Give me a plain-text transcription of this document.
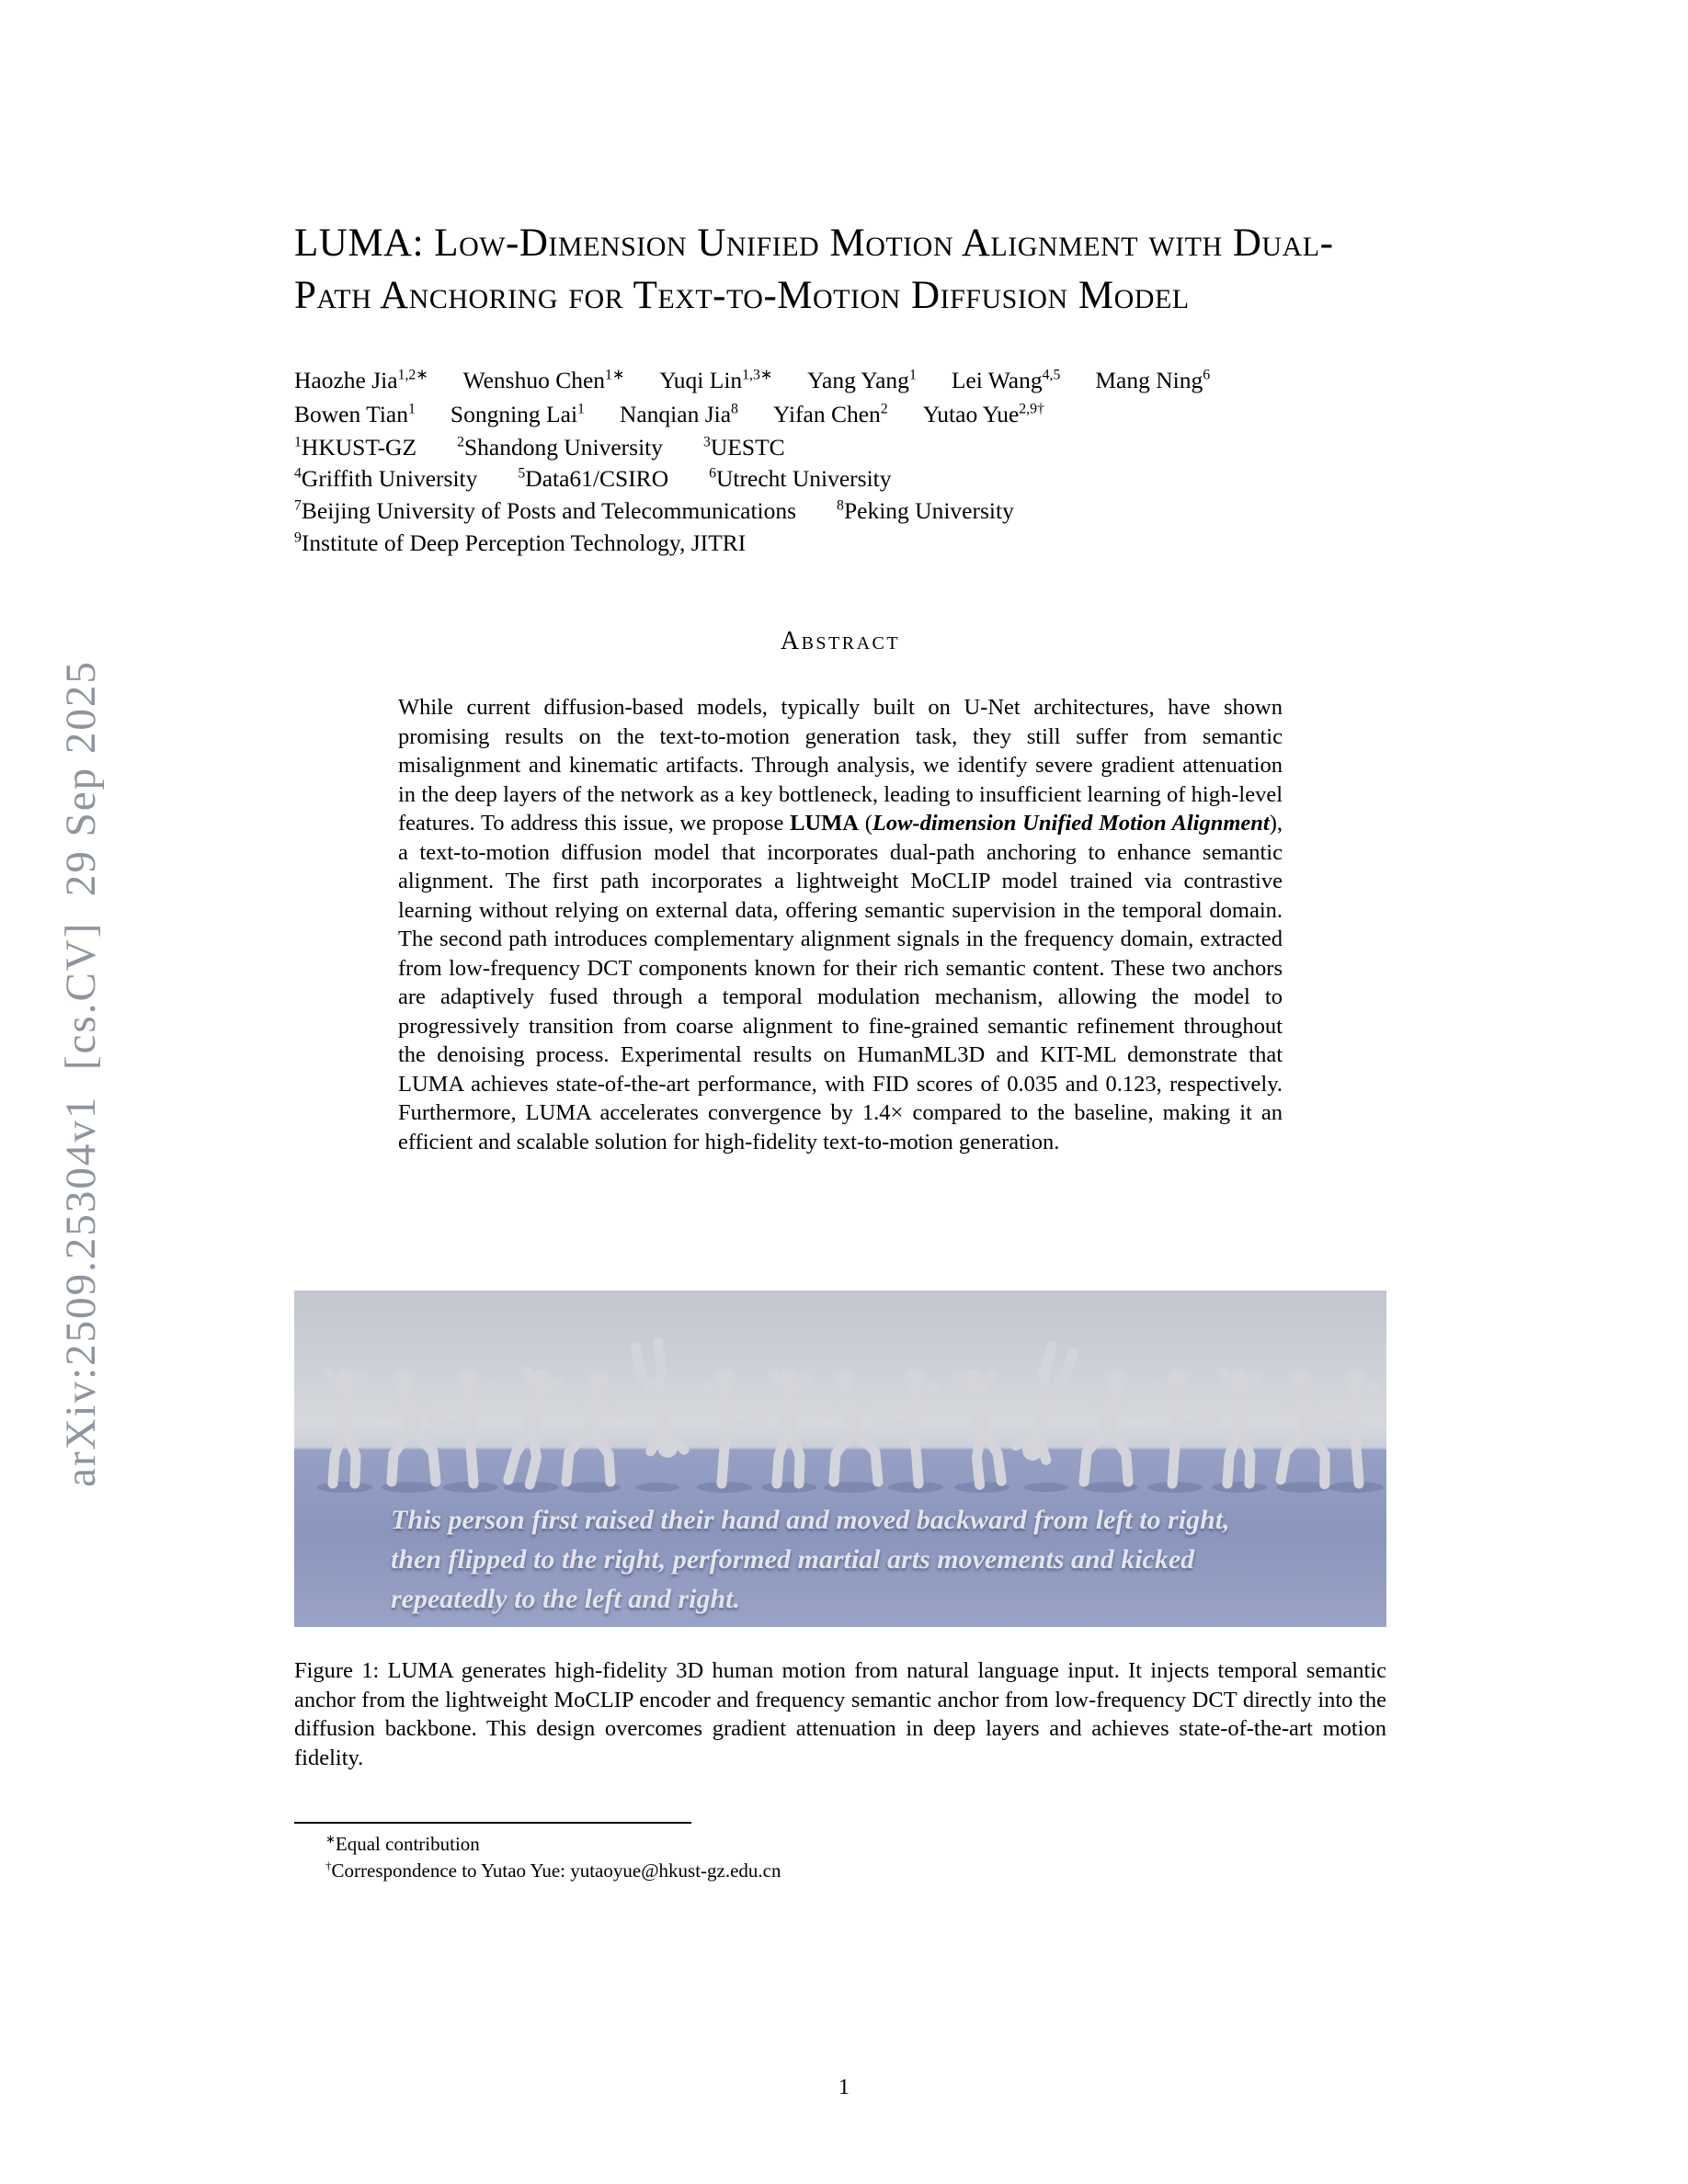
arXiv:2509.25304v1  [cs.CV]  29 Sep 2025
LUMA: Low-Dimension Unified Motion Alignment with Dual-Path Anchoring for Text-to-Motion Diffusion Model
Haozhe Jia$^{1,2∗}$ Wenshuo Chen$^{1∗}$ Yuqi Lin$^{1,3∗}$ Yang Yang$^1$ Lei Wang$^{4,5}$ Mang Ning$^6$Bowen Tian$^1$ Songning Lai$^1$ Nanqian Jia$^8$ Yifan Chen$^2$ Yutao Yue$^{2,9\dagger}$
$^1$HKUST-GZ	$^2$Shandong University	$^3$UESTC
$^4$Griffith University	$^5$Data61/CSIRO	$^6$Utrecht University
$^7$Beijing University of Posts and Telecommunications	$^8$Peking University
$^9$Institute of Deep Perception Technology, JITRI
Abstract

While current diffusion-based models, typically built on U-Net architectures, have shown promising results on the text-to-motion generation task, they still suffer from semantic misalignment and kinematic artifacts. Through analysis, we identify severe gradient attenuation in the deep layers of the network as a key bottleneck, leading to insufficient learning of high-level features. To address this issue, we propose LUMA (Low-dimension Unified Motion Alignment), a text-to-motion diffusion model that incorporates dual-path anchoring to enhance semantic alignment. The first path incorporates a lightweight MoCLIP model trained via contrastive learning without relying on external data, offering semantic supervision in the temporal domain. The second path introduces complementary alignment signals in the frequency domain, extracted from low-frequency DCT components known for their rich semantic content. These two anchors are adaptively fused through a temporal modulation mechanism, allowing the model to progressively transition from coarse alignment to fine-grained semantic refinement throughout the denoising process. Experimental results on HumanML3D and KIT-ML demonstrate that LUMA achieves state-of-the-art performance, with FID scores of 0.035 and 0.123, respectively. Furthermore, LUMA accelerates convergence by 1.4× compared to the baseline, making it an efficient and scalable solution for high-fidelity text-to-motion generation.

This person first raised their hand and moved backward from left to right,
then flipped to the right, performed martial arts movements and kicked
repeatedly to the left and right.
Figure 1: LUMA generates high-fidelity 3D human motion from natural language input. It injects temporal semantic anchor from the lightweight MoCLIP encoder and frequency semantic anchor from low-frequency DCT directly into the diffusion backbone. This design overcomes gradient attenuation in deep layers and achieves state-of-the-art motion fidelity.
∗Equal contribution
†Correspondence to Yutao Yue: yutaoyue@hkust-gz.edu.cn
1
